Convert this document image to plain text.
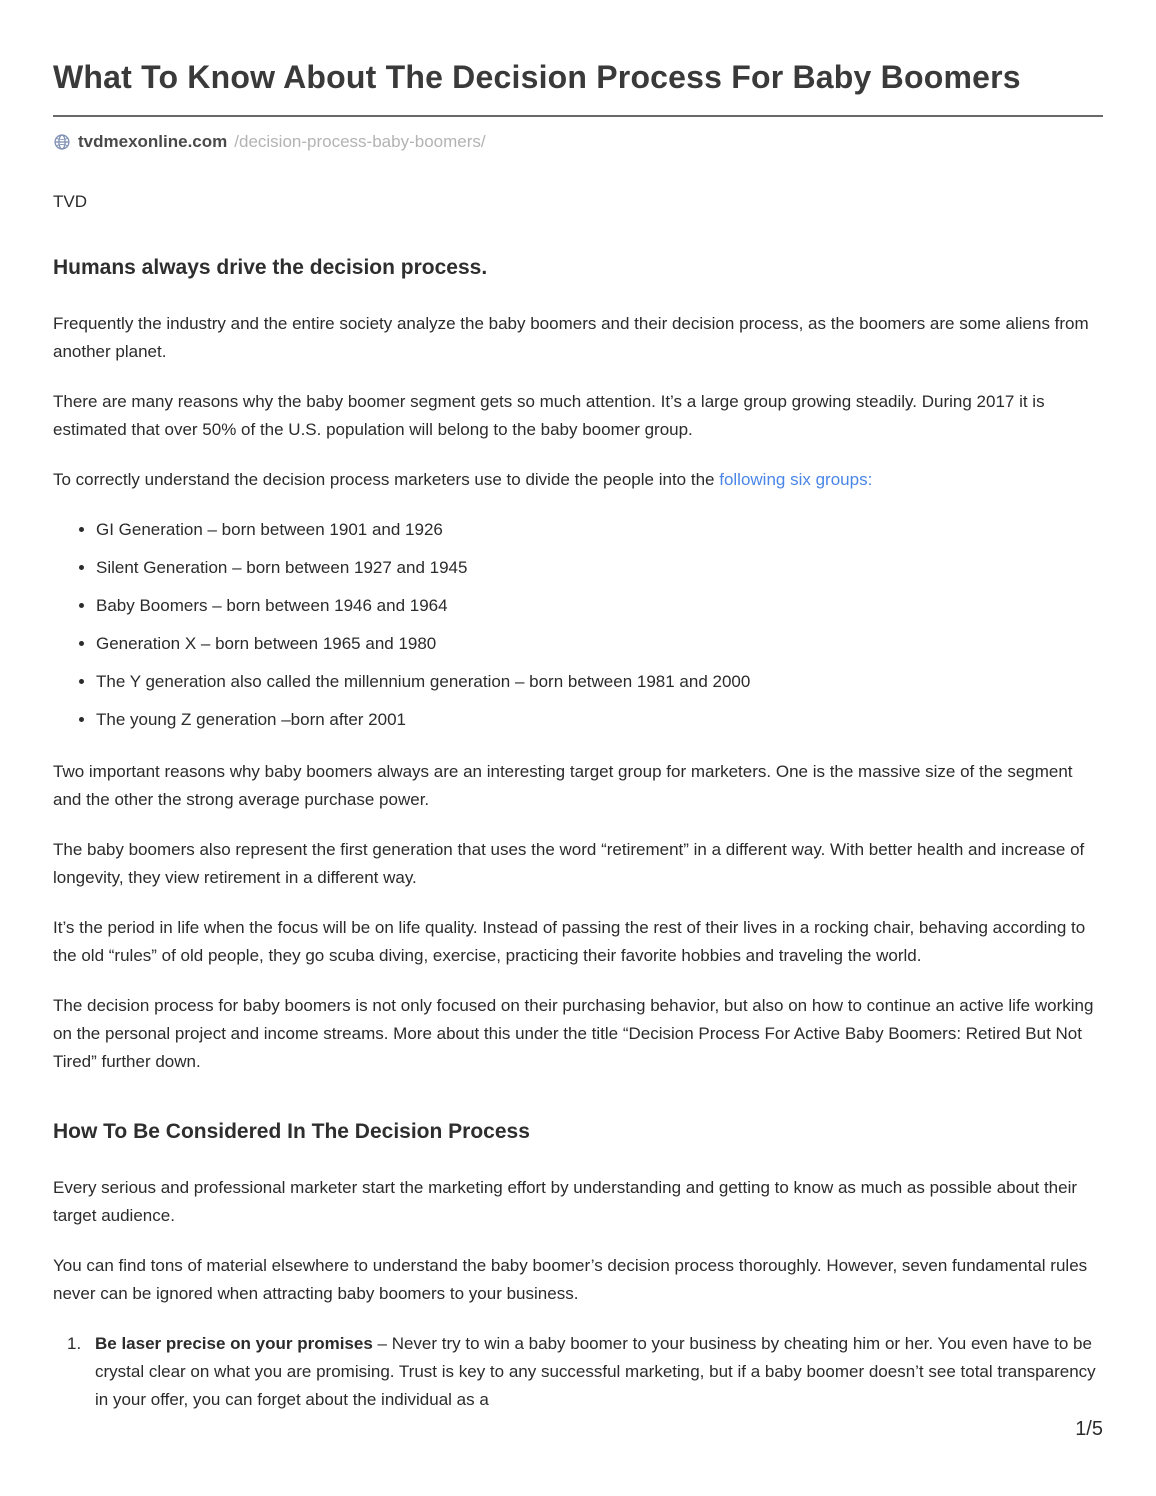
What To Know About The Decision Process For Baby Boomers
tvdmexonline.com /decision-process-baby-boomers/
TVD
Humans always drive the decision process.

Frequently the industry and the entire society analyze the baby boomers and their decision process, as the boomers are some aliens from another planet.

There are many reasons why the baby boomer segment gets so much attention. It’s a large group growing steadily. During 2017 it is estimated that over 50% of the U.S. population will belong to the baby boomer group.

To correctly understand the decision process marketers use to divide the people into the following six groups:

• GI Generation – born between 1901 and 1926
• Silent Generation – born between 1927 and 1945
• Baby Boomers – born between 1946 and 1964
• Generation X – born between 1965 and 1980
• The Y generation also called the millennium generation – born between 1981 and 2000
• The young Z generation –born after 2001

Two important reasons why baby boomers always are an interesting target group for marketers. One is the massive size of the segment and the other the strong average purchase power.

The baby boomers also represent the first generation that uses the word “retirement” in a different way. With better health and increase of longevity, they view retirement in a different way.

It’s the period in life when the focus will be on life quality. Instead of passing the rest of their lives in a rocking chair, behaving according to the old “rules” of old people, they go scuba diving, exercise, practicing their favorite hobbies and traveling the world.

The decision process for baby boomers is not only focused on their purchasing behavior, but also on how to continue an active life working on the personal project and income streams. More about this under the title “Decision Process For Active Baby Boomers: Retired But Not Tired” further down.

How To Be Considered In The Decision Process

Every serious and professional marketer start the marketing effort by understanding and getting to know as much as possible about their target audience.

You can find tons of material elsewhere to understand the baby boomer’s decision process thoroughly. However, seven fundamental rules never can be ignored when attracting baby boomers to your business.

1. Be laser precise on your promises – Never try to win a baby boomer to your business by cheating him or her. You even have to be crystal clear on what you are promising. Trust is key to any successful marketing, but if a baby boomer doesn’t see total transparency in your offer, you can forget about the individual as a
1/5
